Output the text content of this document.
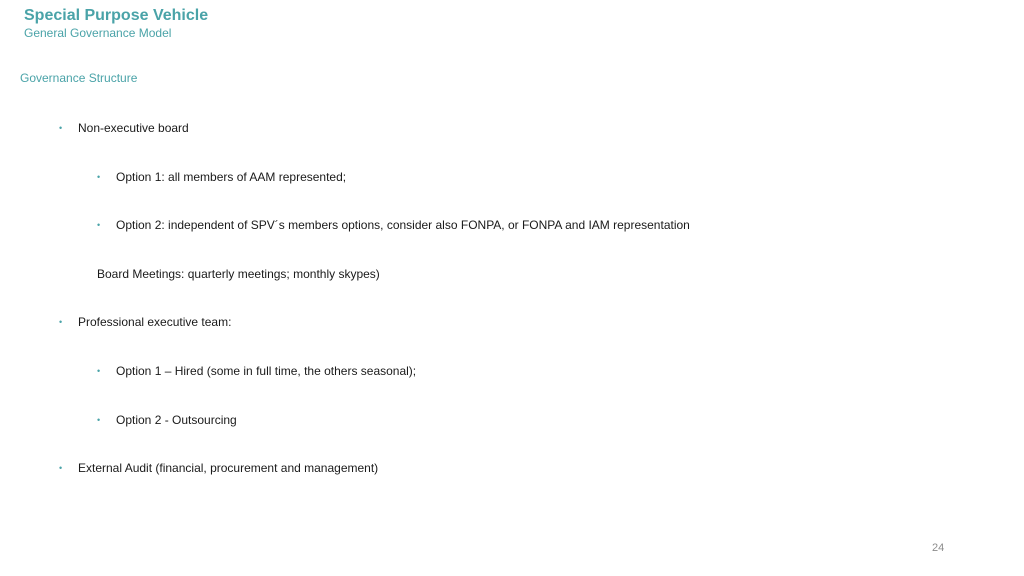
Special Purpose Vehicle
General Governance Model
Governance Structure
• Non-executive board
• Option 1: all members of AAM represented;
• Option 2: independent of SPV´s members options, consider also FONPA, or FONPA and IAM representation
Board Meetings: quarterly meetings; monthly skypes)
• Professional executive team:
• Option 1 – Hired (some in full time, the others seasonal);
• Option 2 - Outsourcing
• External Audit (financial, procurement and management)
24
